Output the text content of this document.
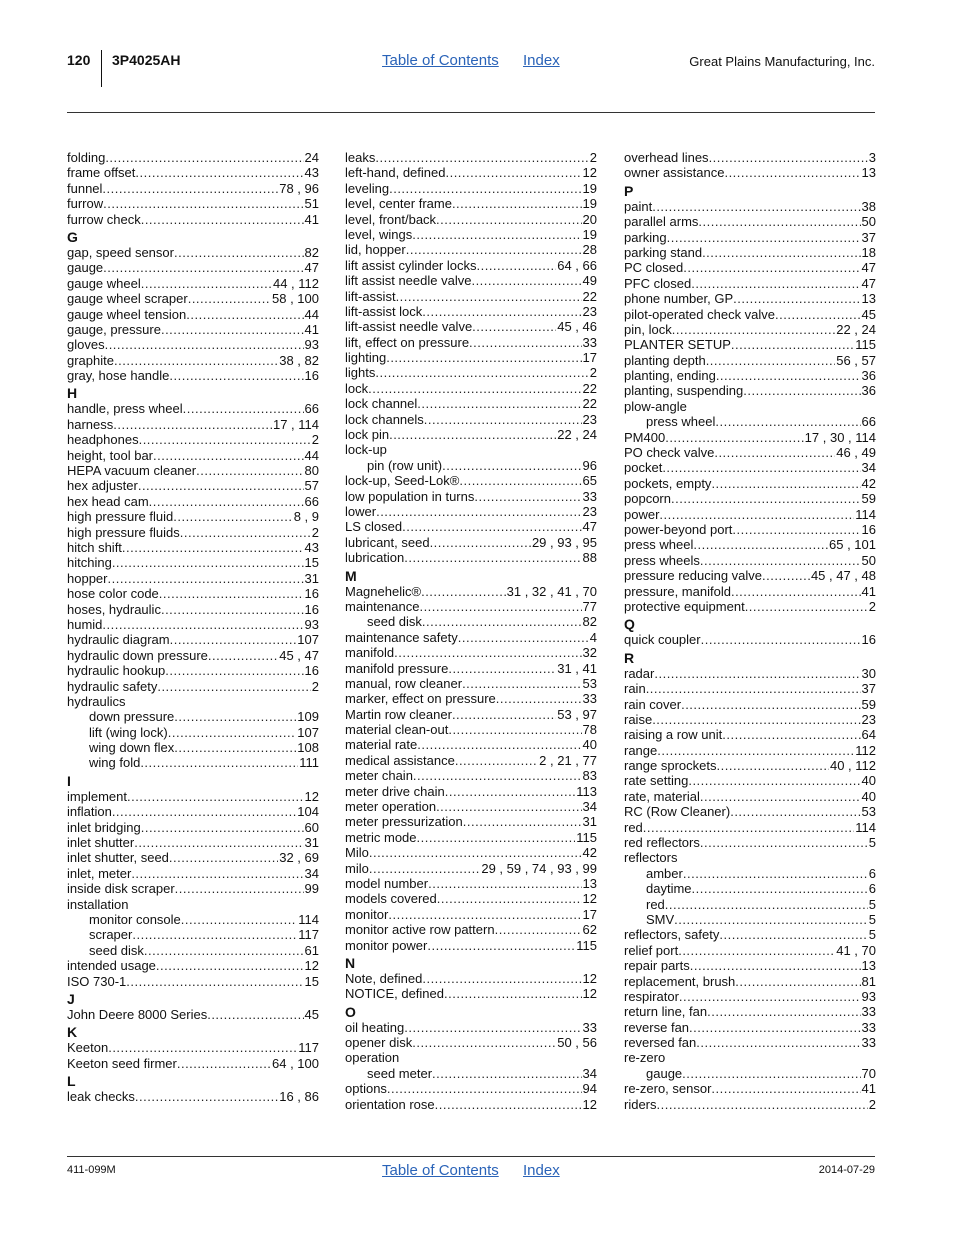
120 3P4025AH	Table of Contents Index	Great Plains Manufacturing, Inc.
folding .....	24
frame offset .....	43
funnel .....	78 , 96
furrow .....	51
furrow check .....	41
G
gap, speed sensor .....	82
gauge .....	47
gauge wheel .....	44 , 112
gauge wheel scraper .....	58 , 100
gauge wheel tension .....	44
gauge, pressure .....	41
gloves .....	93
graphite .....	38 , 82
gray, hose handle .....	16
H
handle, press wheel .....	66
harness .....	17 , 114
headphones .....	2
height, tool bar .....	44
HEPA vacuum cleaner .....	80
hex adjuster .....	57
hex head cam .....	66
high pressure fluid .....	8 , 9
high pressure fluids .....	2
hitch shift .....	43
hitching .....	15
hopper .....	31
hose color code .....	16
hoses, hydraulic .....	16
humid .....	93
hydraulic diagram .....	107
hydraulic down pressure .....	45 , 47
hydraulic hookup .....	16
hydraulic safety .....	2
hydraulics
down pressure .....	109
lift (wing lock) .....	107
wing down flex .....	108
wing fold .....	111
I
implement .....	12
inflation .....	104
inlet bridging .....	60
inlet shutter .....	31
inlet shutter, seed .....	32 , 69
inlet, meter .....	34
inside disk scraper .....	99
installation
monitor console .....	114
scraper .....	117
seed disk .....	61
intended usage .....	12
ISO 730-1 .....	15
J
John Deere 8000 Series .....	45
K
Keeton .....	117
Keeton seed firmer .....	64 , 100
L
leak checks .....	16 , 86
leaks .....	2
left-hand, defined .....	12
leveling .....	19
level, center frame .....	19
level, front/back .....	20
level, wings .....	19
lid, hopper .....	28
lift assist cylinder locks .....	64 , 66
lift assist needle valve .....	49
lift-assist .....	22
lift-assist lock .....	23
lift-assist needle valve .....	45 , 46
lift, effect on pressure .....	33
lighting .....	17
lights .....	2
lock .....	22
lock channel .....	22
lock channels .....	23
lock pin .....	22 , 24
lock-up
pin (row unit) .....	96
lock-up, Seed-Lok® .....	65
low population in turns .....	33
lower .....	23
LS closed .....	47
lubricant, seed .....	29 , 93 , 95
lubrication .....	88
M
Magnehelic® .....	31 , 32 , 41 , 70
maintenance .....	77
seed disk .....	82
maintenance safety .....	4
manifold .....	32
manifold pressure .....	31 , 41
manual, row cleaner .....	53
marker, effect on pressure .....	33
Martin row cleaner .....	53 , 97
material clean-out .....	78
material rate .....	40
medical assistance .....	2 , 21 , 77
meter chain .....	83
meter drive chain .....	113
meter operation .....	34
meter pressurization .....	31
metric mode .....	115
Milo .....	42
milo .....	29 , 59 , 74 , 93 , 99
model number .....	13
models covered .....	12
monitor .....	17
monitor active row pattern .....	62
monitor power .....	115
N
Note, defined .....	12
NOTICE, defined .....	12
O
oil heating .....	33
opener disk .....	50 , 56
operation
seed meter .....	34
options .....	94
orientation rose .....	12
overhead lines .....	3
owner assistance .....	13
P
paint .....	38
parallel arms .....	50
parking .....	37
parking stand .....	18
PC closed .....	47
PFC closed .....	47
phone number, GP .....	13
pilot-operated check valve .....	45
pin, lock .....	22 , 24
PLANTER SETUP .....	115
planting depth .....	56 , 57
planting, ending .....	36
planting, suspending .....	36
plow-angle
press wheel .....	66
PM400 .....	17 , 30 , 114
PO check valve .....	46 , 49
pocket .....	34
pockets, empty .....	42
popcorn .....	59
power .....	114
power-beyond port .....	16
press wheel .....	65 , 101
press wheels .....	50
pressure reducing valve .....	45 , 47 , 48
pressure, manifold .....	41
protective equipment .....	2
Q
quick coupler .....	16
R
radar .....	30
rain .....	37
rain cover .....	59
raise .....	23
raising a row unit .....	64
range .....	112
range sprockets .....	40 , 112
rate setting .....	40
rate, material .....	40
RC (Row Cleaner) .....	53
red .....	114
red reflectors .....	5
reflectors
amber .....	6
daytime .....	6
red .....	5
SMV .....	5
reflectors, safety .....	5
relief port .....	41 , 70
repair parts .....	13
replacement, brush .....	81
respirator .....	93
return line, fan .....	33
reverse fan .....	33
reversed fan .....	33
re-zero
gauge .....	70
re-zero, sensor .....	41
riders .....	2
411-099M	Table of Contents Index	2014-07-29
